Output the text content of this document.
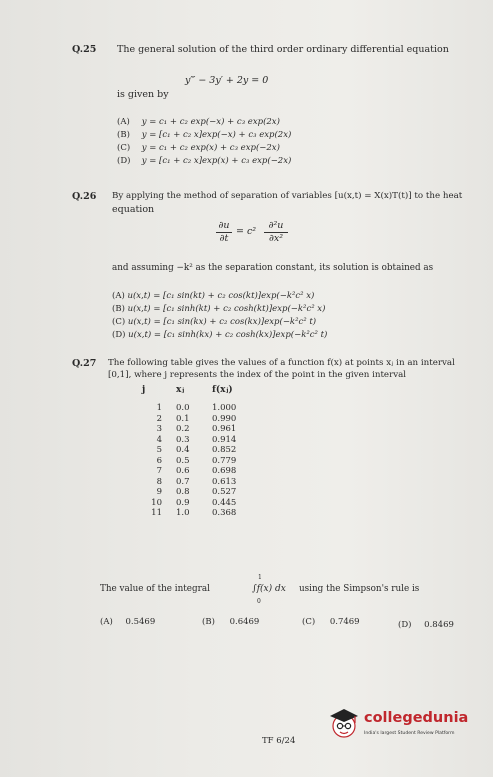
Q.25 The general solution of the third order ordinary differential equation
y‴ − 3y′ + 2y = 0
is given by
(A) y = c₁ + c₂ exp(−x) + c₃ exp(2x)
(B) y = [c₁ + c₂ x]exp(−x) + c₃ exp(2x)
(C) y = c₁ + c₂ exp(x) + c₃ exp(−2x)
(D) y = [c₁ + c₂ x]exp(x) + c₃ exp(−2x)
Q.26 By applying the method of separation of variables [u(x,t) = X(x)T(t)] to the heat
equation
$\frac{\partial u}{\partial t} = c^2 \frac{\text{∂²u}}{\text{∂x²}}$
and assuming −k² as the separation constant, its solution is obtained as
(A) u(x,t) = [c₁ sin(kt) + c₂ cos(kt)]exp(−k²c² x)
(B) u(x,t) = [c₁ sinh(kt) + c₂ cosh(kt)]exp(−k²c² x)
(C) u(x,t) = [c₁ sin(kx) + c₂ cos(kx)]exp(−k²c² t)
(D) u(x,t) = [c₁ sinh(kx) + c₂ cosh(kx)]exp(−k²c² t)
Q.27 The following table gives the values of a function f(x) at points xⱼ in an interval
[0,1], where j represents the index of the point in the given interval
j	xⱼ	f(xⱼ)
1	0.0	1.000
2	0.1	0.990
3	0.2	0.961
4	0.3	0.914
5	0.4	0.852
6	0.5	0.779
7	0.6	0.698
8	0.7	0.613
9	0.8	0.527
10	0.9	0.445
11	1.0	0.368
The value of the integral
1
0
∫f(x) dx using the Simpson's rule is
(A) 0.5469	(B) 0.6469	(C) 0.7469	(D) 0.8469
TF 6/24
collegedunia
India's largest Student Review Platform
